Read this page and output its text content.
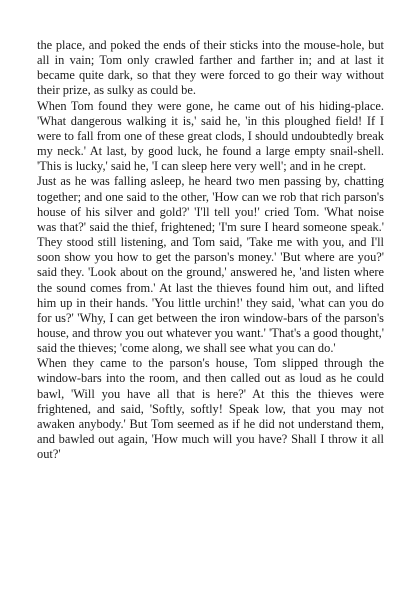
the place, and poked the ends of their sticks into the mouse-hole, but all in vain; Tom only crawled farther and farther in; and at last it became quite dark, so that they were forced to go their way without their prize, as sulky as could be.

When Tom found they were gone, he came out of his hiding-place. 'What dangerous walking it is,' said he, 'in this ploughed field! If I were to fall from one of these great clods, I should undoubtedly break my neck.' At last, by good luck, he found a large empty snail-shell. 'This is lucky,' said he, 'I can sleep here very well'; and in he crept.

Just as he was falling asleep, he heard two men passing by, chatting together; and one said to the other, 'How can we rob that rich parson's house of his silver and gold?' 'I'll tell you!' cried Tom. 'What noise was that?' said the thief, frightened; 'I'm sure I heard someone speak.' They stood still listening, and Tom said, 'Take me with you, and I'll soon show you how to get the parson's money.' 'But where are you?' said they. 'Look about on the ground,' answered he, 'and listen where the sound comes from.' At last the thieves found him out, and lifted him up in their hands. 'You little urchin!' they said, 'what can you do for us?' 'Why, I can get between the iron window-bars of the parson's house, and throw you out whatever you want.' 'That's a good thought,' said the thieves; 'come along, we shall see what you can do.'

When they came to the parson's house, Tom slipped through the window-bars into the room, and then called out as loud as he could bawl, 'Will you have all that is here?' At this the thieves were frightened, and said, 'Softly, softly! Speak low, that you may not awaken anybody.' But Tom seemed as if he did not understand them, and bawled out again, 'How much will you have? Shall I throw it all out?'
